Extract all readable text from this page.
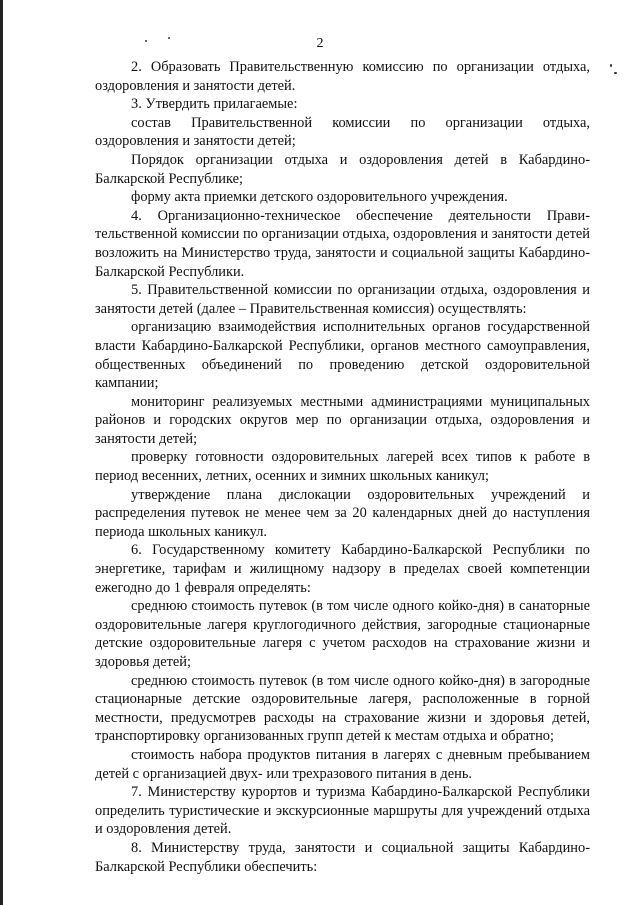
2

2. Образовать Правительственную комиссию по организации отдыха, оздоровления и занятости детей.

3. Утвердить прилагаемые:

состав Правительственной комиссии по организации отдыха, оздоровления и занятости детей;

Порядок организации отдыха и оздоровления детей в Кабардино-Балкарской Республике;

форму акта приемки детского оздоровительного учреждения.

4. Организационно-техническое обеспечение деятельности Правительственной комиссии по организации отдыха, оздоровления и занятости детей возложить на Министерство труда, занятости и социальной защиты Кабардино-Балкарской Республики.

5. Правительственной комиссии по организации отдыха, оздоровления и занятости детей (далее – Правительственная комиссия) осуществлять:

организацию взаимодействия исполнительных органов государственной власти Кабардино-Балкарской Республики, органов местного самоуправления, общественных объединений по проведению детской оздоровительной кампании;

мониторинг реализуемых местными администрациями муниципальных районов и городских округов мер по организации отдыха, оздоровления и занятости детей;

проверку готовности оздоровительных лагерей всех типов к работе в период весенних, летних, осенних и зимних школьных каникул;

утверждение плана дислокации оздоровительных учреждений и распределения путевок не менее чем за 20 календарных дней до наступления периода школьных каникул.

6. Государственному комитету Кабардино-Балкарской Республики по энергетике, тарифам и жилищному надзору в пределах своей компетенции ежегодно до 1 февраля определять:

среднюю стоимость путевок (в том числе одного койко-дня) в санаторные оздоровительные лагеря круглогодичного действия, загородные стационарные детские оздоровительные лагеря с учетом расходов на страхование жизни и здоровья детей;

среднюю стоимость путевок (в том числе одного койко-дня) в загородные стационарные детские оздоровительные лагеря, расположенные в горной местности, предусмотрев расходы на страхование жизни и здоровья детей, транспортировку организованных групп детей к местам отдыха и обратно;

стоимость набора продуктов питания в лагерях с дневным пребыванием детей с организацией двух- или трехразового питания в день.

7. Министерству курортов и туризма Кабардино-Балкарской Республики определить туристические и экскурсионные маршруты для учреждений отдыха и оздоровления детей.

8. Министерству труда, занятости и социальной защиты Кабардино-Балкарской Республики обеспечить:
